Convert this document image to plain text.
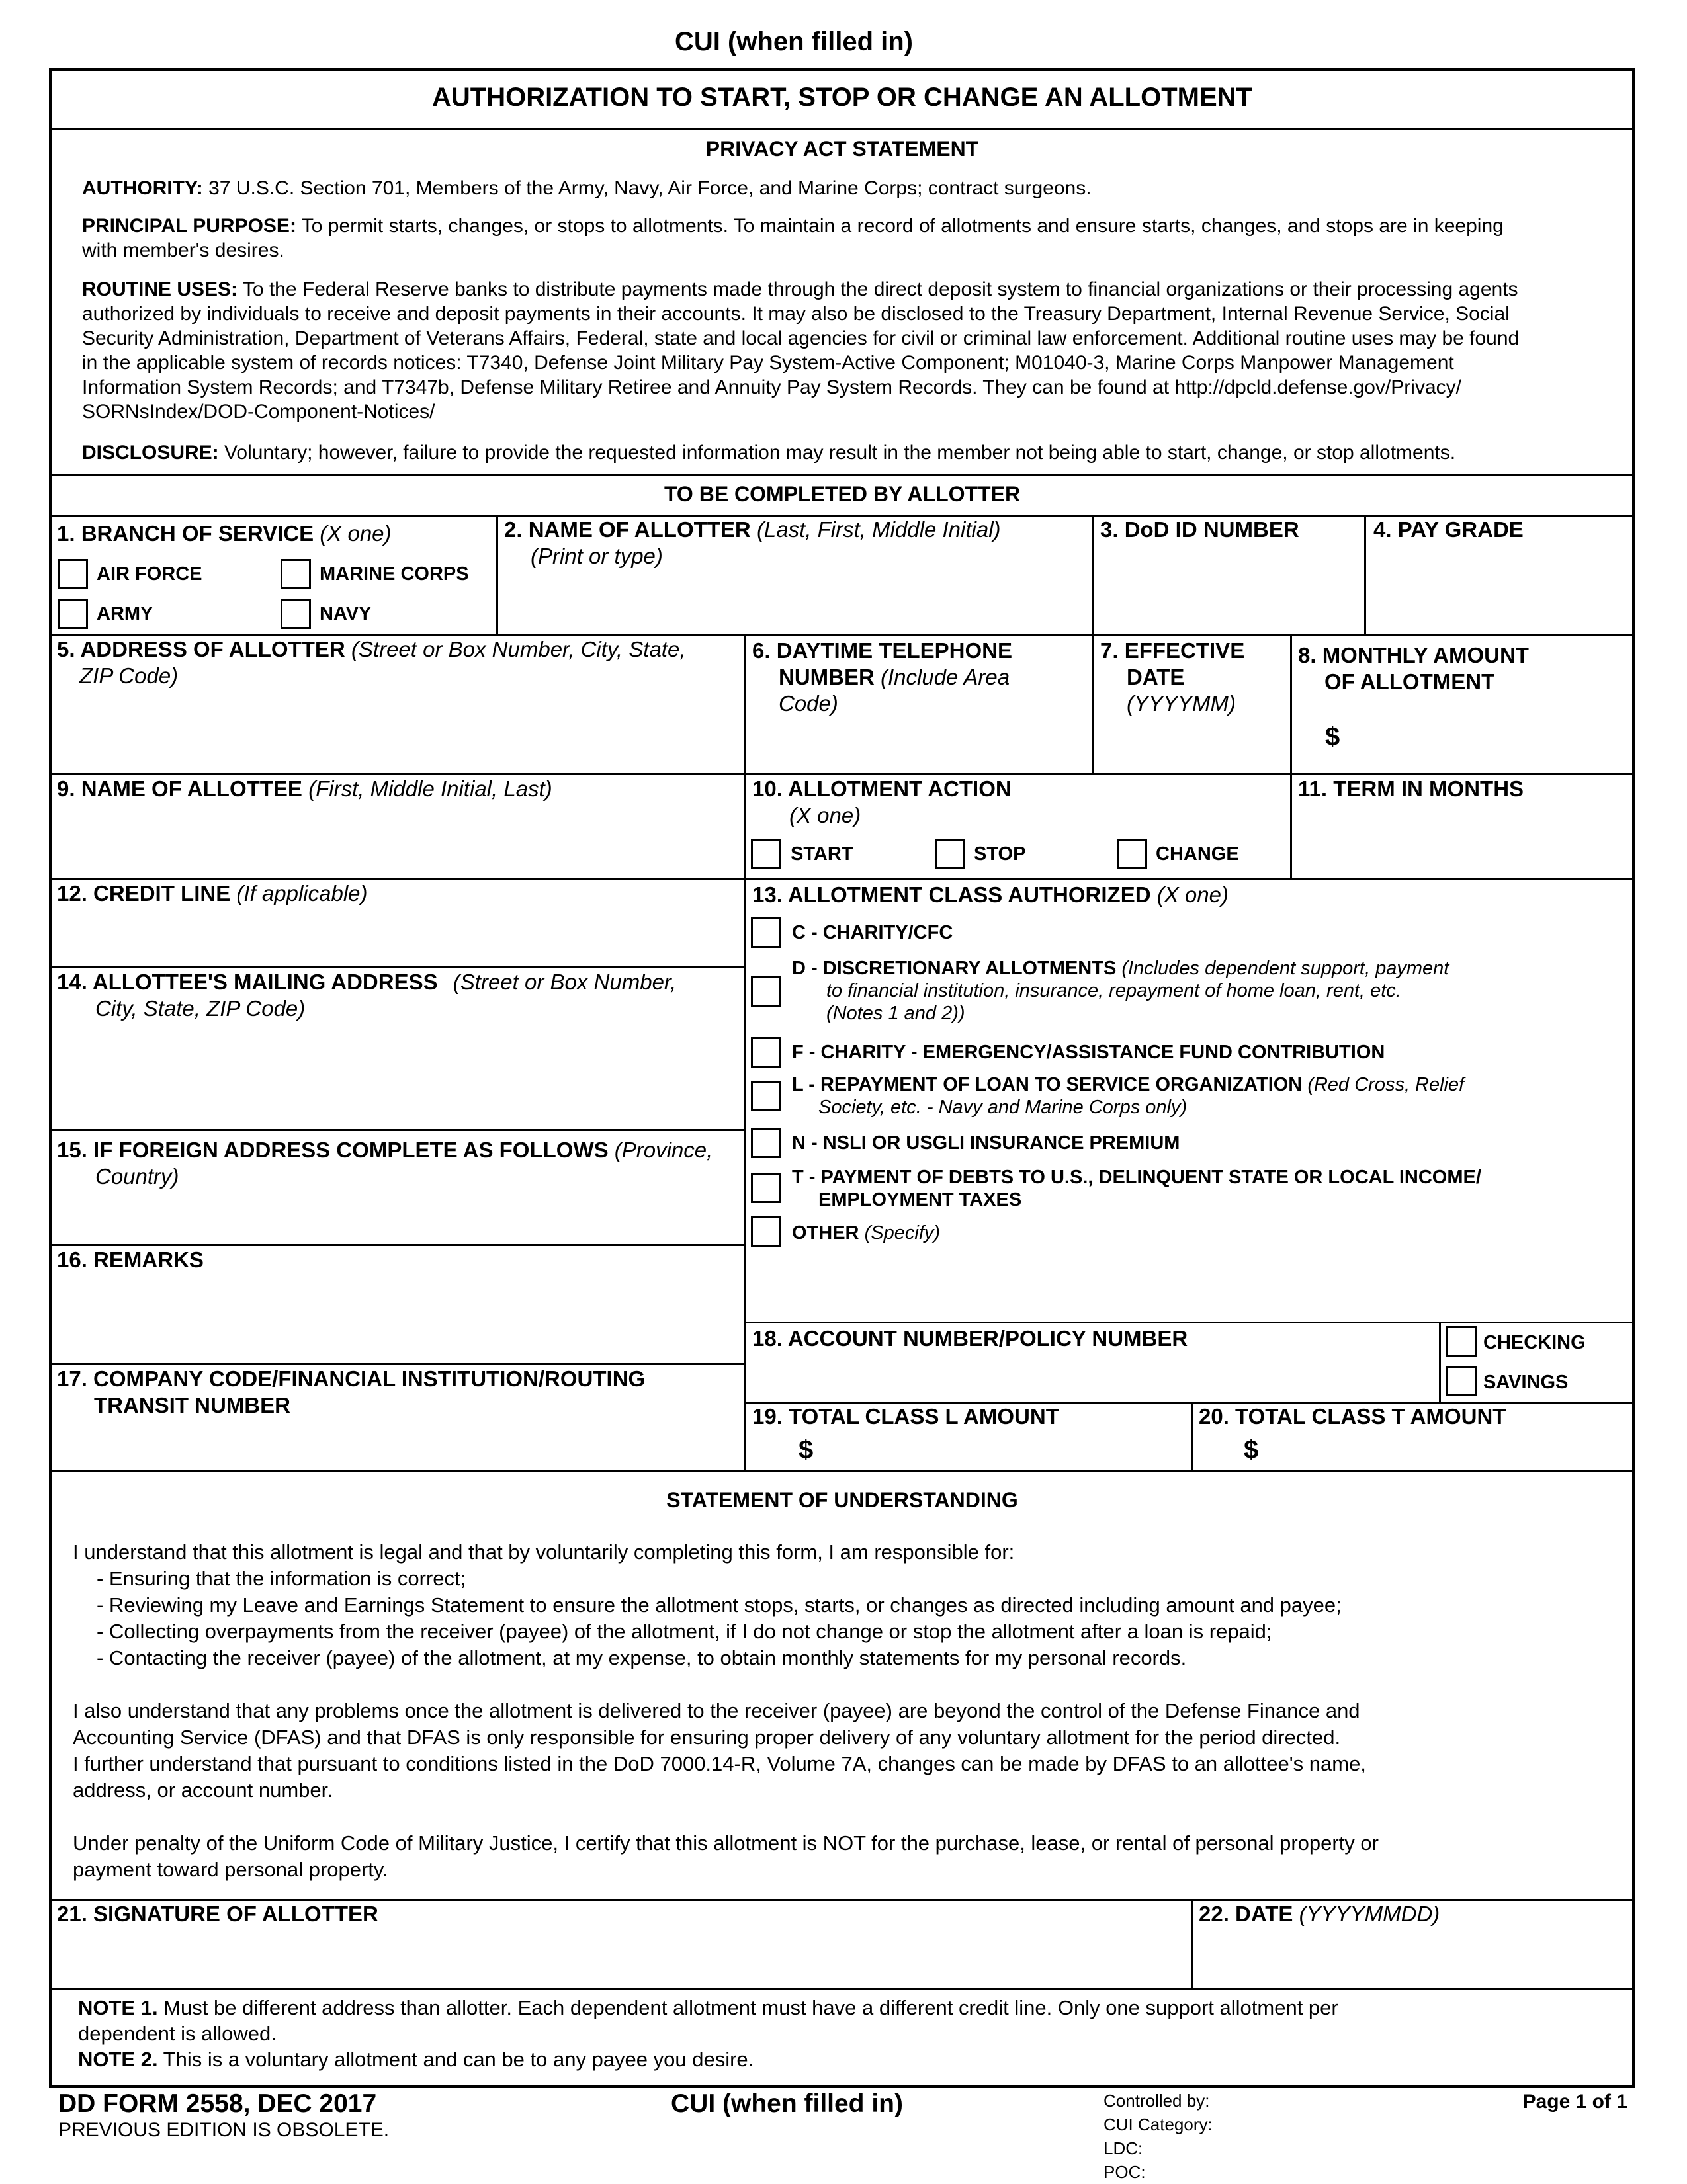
CUI (when filled in)
AUTHORIZATION TO START, STOP OR CHANGE AN ALLOTMENT
PRIVACY ACT STATEMENT
AUTHORITY: 37 U.S.C. Section 701, Members of the Army, Navy, Air Force, and Marine Corps; contract surgeons.
PRINCIPAL PURPOSE: To permit starts, changes, or stops to allotments. To maintain a record of allotments and ensure starts, changes, and stops are in keeping
with member's desires.
ROUTINE USES: To the Federal Reserve banks to distribute payments made through the direct deposit system to financial organizations or their processing agents
authorized by individuals to receive and deposit payments in their accounts. It may also be disclosed to the Treasury Department, Internal Revenue Service, Social
Security Administration, Department of Veterans Affairs, Federal, state and local agencies for civil or criminal law enforcement. Additional routine uses may be found
in the applicable system of records notices: T7340, Defense Joint Military Pay System-Active Component; M01040-3, Marine Corps Manpower Management
Information System Records; and T7347b, Defense Military Retiree and Annuity Pay System Records. They can be found at http://dpcld.defense.gov/Privacy/
SORNsIndex/DOD-Component-Notices/
DISCLOSURE: Voluntary; however, failure to provide the requested information may result in the member not being able to start, change, or stop allotments.
TO BE COMPLETED BY ALLOTTER
1. BRANCH OF SERVICE (X one)
AIR FORCE	MARINE CORPS
ARMY	NAVY
2. NAME OF ALLOTTER (Last, First, Middle Initial)
(Print or type)
3. DoD ID NUMBER	4. PAY GRADE
5. ADDRESS OF ALLOTTER (Street or Box Number, City, State,
ZIP Code)
6. DAYTIME TELEPHONE
NUMBER (Include Area
Code)
7. EFFECTIVE
DATE
(YYYYMM)
8. MONTHLY AMOUNT
OF ALLOTMENT
$
9. NAME OF ALLOTTEE (First, Middle Initial, Last)	10. ALLOTMENT ACTION
(X one)
START	STOP	CHANGE
11. TERM IN MONTHS
12. CREDIT LINE (If applicable)
14. ALLOTTEE'S MAILING ADDRESS (Street or Box Number,
City, State, ZIP Code)
15. IF FOREIGN ADDRESS COMPLETE AS FOLLOWS (Province,
Country)
16. REMARKS
17. COMPANY CODE/FINANCIAL INSTITUTION/ROUTING
TRANSIT NUMBER
13. ALLOTMENT CLASS AUTHORIZED (X one)
C - CHARITY/CFC
D - DISCRETIONARY ALLOTMENTS (Includes dependent support, payment
to financial institution, insurance, repayment of home loan, rent, etc.
(Notes 1 and 2))
F - CHARITY - EMERGENCY/ASSISTANCE FUND CONTRIBUTION
L - REPAYMENT OF LOAN TO SERVICE ORGANIZATION (Red Cross, Relief
Society, etc. - Navy and Marine Corps only)
N - NSLI OR USGLI INSURANCE PREMIUM
T - PAYMENT OF DEBTS TO U.S., DELINQUENT STATE OR LOCAL INCOME/
EMPLOYMENT TAXES
OTHER (Specify)
18. ACCOUNT NUMBER/POLICY NUMBER	CHECKING
SAVINGS
19. TOTAL CLASS L AMOUNT
$
20. TOTAL CLASS T AMOUNT
$
STATEMENT OF UNDERSTANDING
I understand that this allotment is legal and that by voluntarily completing this form, I am responsible for:
- Ensuring that the information is correct;
- Reviewing my Leave and Earnings Statement to ensure the allotment stops, starts, or changes as directed including amount and payee;
- Collecting overpayments from the receiver (payee) of the allotment, if I do not change or stop the allotment after a loan is repaid;
- Contacting the receiver (payee) of the allotment, at my expense, to obtain monthly statements for my personal records.
I also understand that any problems once the allotment is delivered to the receiver (payee) are beyond the control of the Defense Finance and
Accounting Service (DFAS) and that DFAS is only responsible for ensuring proper delivery of any voluntary allotment for the period directed.
I further understand that pursuant to conditions listed in the DoD 7000.14-R, Volume 7A, changes can be made by DFAS to an allottee's name,
address, or account number.
Under penalty of the Uniform Code of Military Justice, I certify that this allotment is NOT for the purchase, lease, or rental of personal property or
payment toward personal property.
21. SIGNATURE OF ALLOTTER	22. DATE (YYYYMMDD)
NOTE 1. Must be different address than allotter. Each dependent allotment must have a different credit line. Only one support allotment per
dependent is allowed.
NOTE 2. This is a voluntary allotment and can be to any payee you desire.
DD FORM 2558, DEC 2017
PREVIOUS EDITION IS OBSOLETE.
CUI (when filled in)	Controlled by:
CUI Category:
LDC:
POC:
Page 1 of 1
